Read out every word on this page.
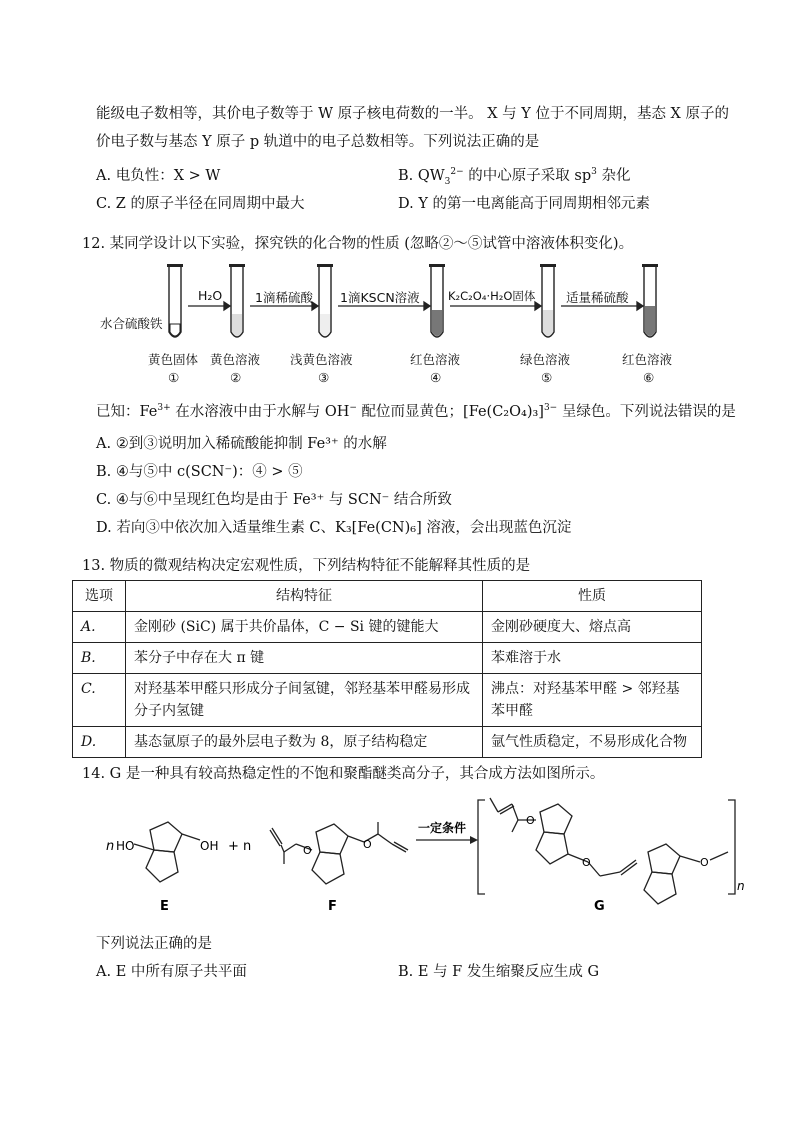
能级电子数相等，其价电子数等于 W 原子核电荷数的一半。 X 与 Y 位于不同周期，基态 X 原子的
价电子数与基态 Y 原子 p 轨道中的电子总数相等。下列说法正确的是
A. 电负性：X > W	B. $QW_3^{2-}$ 的中心原子采取 $sp^3$ 杂化
C. Z 的原子半径在同周期中最大	D. Y 的第一电离能高于同周期相邻元素
12. 某同学设计以下实验，探究铁的化合物的性质 (忽略②〜⑤试管中溶液体积变化)。
H₂O	1滴稀硫酸 1滴KSCN溶液 K₂C₂O₄·H₂O固体 适量稀硫酸
水合硫酸铁
黄色固体 黄色溶液 浅黄色溶液	红色溶液	绿色溶液	红色溶液
①	②	③	④	⑤	⑥
已知：$Fe^{3+}$ 在水溶液中由于水解与 OH− 配位而显黄色；$[Fe(C_2O_4)_3]^{3-}$ 呈绿色。下列说法错误的是
A. ②到③说明加入稀硫酸能抑制 Fe³⁺ 的水解
B. ④与⑤中 c(SCN⁻)：④ > ⑤
C. ④与⑥中呈现红色均是由于 Fe³⁺ 与 SCN⁻ 结合所致
D. 若向③中依次加入适量维生素 C、K₃[Fe(CN)₆] 溶液，会出现蓝色沉淀
13. 物质的微观结构决定宏观性质，下列结构特征不能解释其性质的是
选项	结构特征	性质
A.	金刚砂 (SiC) 属于共价晶体，C − Si 键的键能大	金刚砂硬度大、熔点高
B.	苯分子中存在大 π 键	苯难溶于水
C.	对羟基苯甲醛只形成分子间氢键，邻羟基苯甲醛易形成分子内氢键	沸点：对羟基苯甲醛 > 邻羟基苯甲醛
D.	基态氩原子的最外层电子数为 8，原子结构稳定	氩气性质稳定，不易形成化合物
14. G 是一种具有较高热稳定性的不饱和聚酯醚类高分子，其合成方法如图所示。
n HO	OH + n
一定条件
n
E	F	G
O	O
O
O	O
下列说法正确的是
A. E 中所有原子共平面	B. E 与 F 发生缩聚反应生成 G
